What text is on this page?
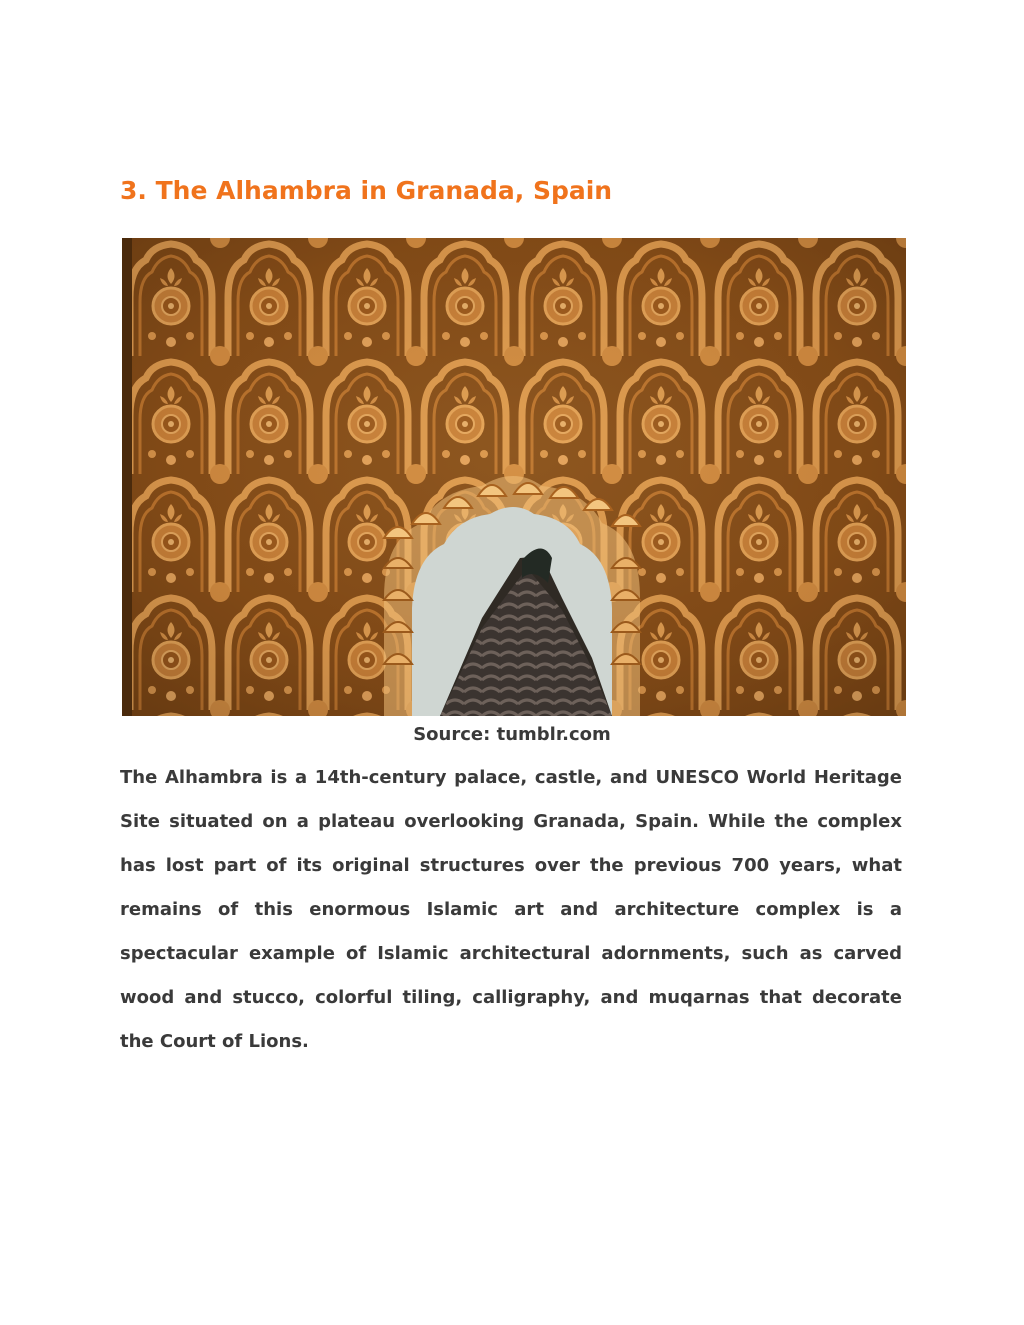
3. The Alhambra in Granada, Spain
Source: tumblr.com

The Alhambra is a 14th-century palace, castle, and UNESCO World Heritage Site situated on a plateau overlooking Granada, Spain. While the complex has lost part of its original structures over the previous 700 years, what remains of this enormous Islamic art and architecture complex is a spectacular example of Islamic architectural adornments, such as carved wood and stucco, colorful tiling, calligraphy, and muqarnas that decorate the Court of Lions.
